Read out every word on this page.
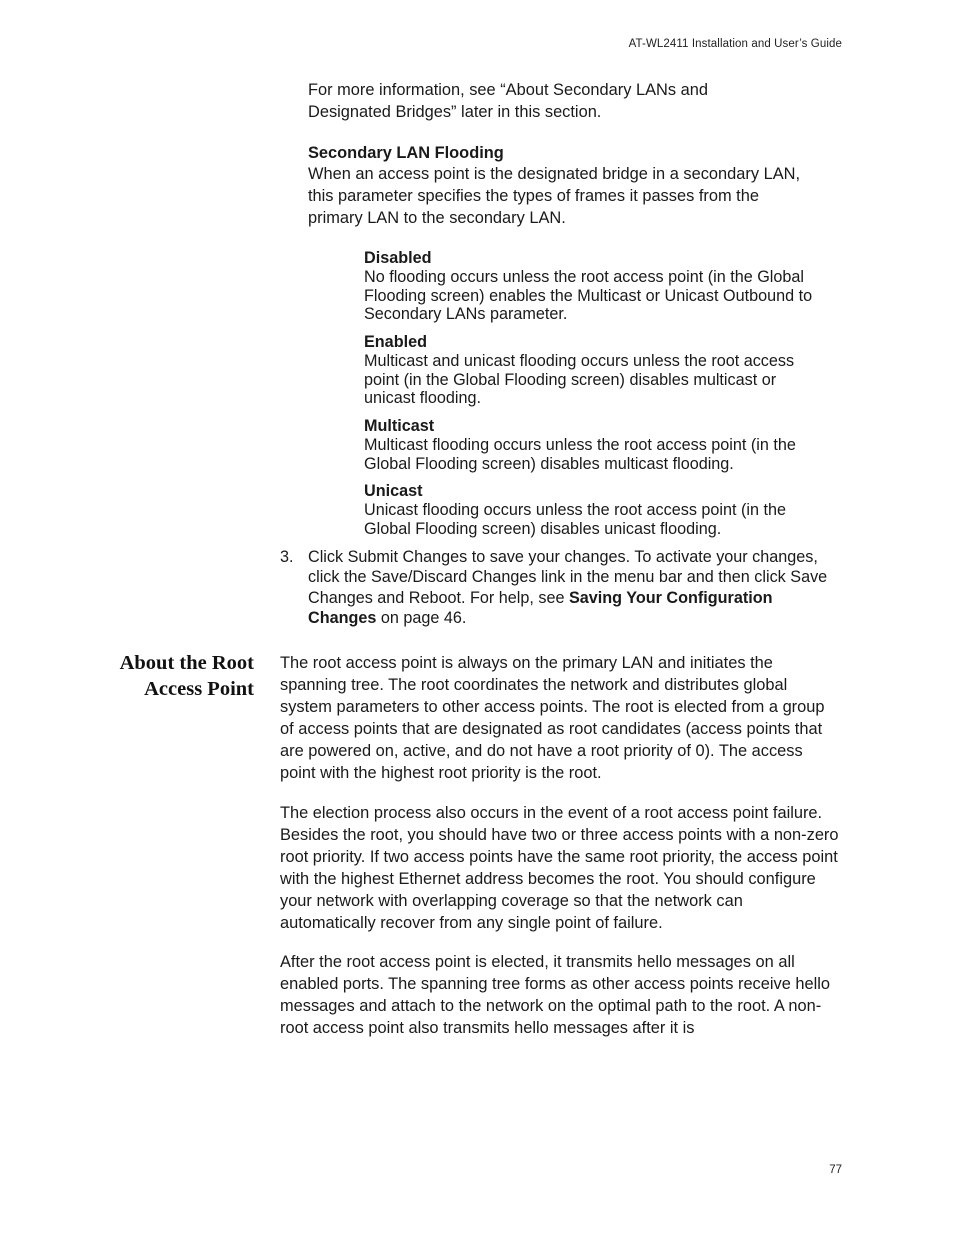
AT-WL2411 Installation and User’s Guide

For more information, see “About Secondary LANs and Designated Bridges” later in this section.

Secondary LAN Flooding

When an access point is the designated bridge in a secondary LAN, this parameter specifies the types of frames it passes from the primary LAN to the secondary LAN.

Disabled
No flooding occurs unless the root access point (in the Global Flooding screen) enables the Multicast or Unicast Outbound to Secondary LANs parameter.
Enabled
Multicast and unicast flooding occurs unless the root access point (in the Global Flooding screen) disables multicast or unicast flooding.
Multicast
Multicast flooding occurs unless the root access point (in the Global Flooding screen) disables multicast flooding.
Unicast
Unicast flooding occurs unless the root access point (in the Global Flooding screen) disables unicast flooding.
3. Click Submit Changes to save your changes. To activate your changes, click the Save/Discard Changes link in the menu bar and then click Save Changes and Reboot. For help, see Saving Your Configuration Changes on page 46.
About the Root
Access Point

The root access point is always on the primary LAN and initiates the spanning tree. The root coordinates the network and distributes global system parameters to other access points. The root is elected from a group of access points that are designated as root candidates (access points that are powered on, active, and do not have a root priority of 0). The access point with the highest root priority is the root.

The election process also occurs in the event of a root access point failure. Besides the root, you should have two or three access points with a non-zero root priority. If two access points have the same root priority, the access point with the highest Ethernet address becomes the root. You should configure your network with overlapping coverage so that the network can automatically recover from any single point of failure.

After the root access point is elected, it transmits hello messages on all enabled ports. The spanning tree forms as other access points receive hello messages and attach to the network on the optimal path to the root. A non-root access point also transmits hello messages after it is

77
